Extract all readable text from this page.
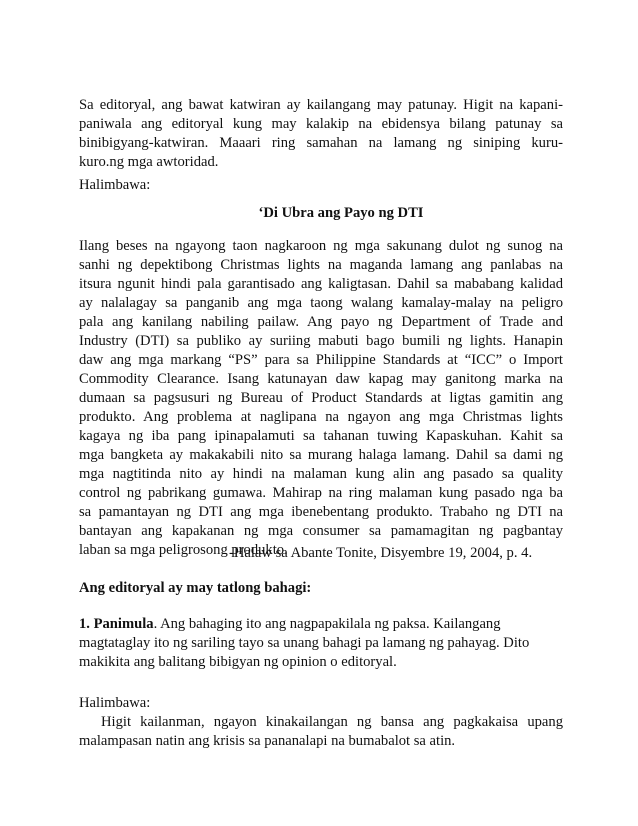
Sa editoryal, ang bawat katwiran ay kailangang may patunay. Higit na kapani-
paniwala ang editoryal kung may kalakip na ebidensya bilang patunay sa
binibigyang-katwiran. Maaari ring samahan na lamang ng siniping kuru-
kuro.ng mga awtoridad.
Halimbawa:
‘Di Ubra ang Payo ng DTI
Ilang beses na ngayong taon nagkaroon ng mga sakunang dulot ng sunog na
sanhi ng depektibong Christmas lights na maganda lamang ang panlabas na
itsura ngunit hindi pala garantisado ang kaligtasan. Dahil sa mababang kalidad
ay nalalagay sa panganib ang mga taong walang kamalay-malay na peligro
pala ang kanilang nabiling pailaw. Ang payo ng Department of Trade and
Industry (DTI) sa publiko ay suriing mabuti bago bumili ng lights. Hanapin
daw ang mga markang “PS” para sa Philippine Standards at “ICC” o Import
Commodity Clearance. Isang katunayan daw kapag may ganitong marka na
dumaan sa pagsusuri ng Bureau of Product Standards at ligtas gamitin ang
produkto. Ang problema at naglipana na ngayon ang mga Christmas lights
kagaya ng iba pang ipinapalamuti sa tahanan tuwing Kapaskuhan. Kahit sa
mga bangketa ay makakabili nito sa murang halaga lamang. Dahil sa dami ng
mga nagtitinda nito ay hindi na malaman kung alin ang pasado sa quality
control ng pabrikang gumawa. Mahirap na ring malaman kung pasado nga ba
sa pamantayan ng DTI ang mga ibenebentang produkto. Trabaho ng DTI na
bantayan ang kapakanan ng mga consumer sa pamamagitan ng pagbantay
laban sa mga peligrosong produkto.
-Halaw sa Abante Tonite, Disyembre 19, 2004, p. 4.
Ang editoryal ay may tatlong bahagi:
1. Panimula. Ang bahaging ito ang nagpapakilala ng paksa. Kailangang
magtataglay ito ng sariling tayo sa unang bahagi pa lamang ng pahayag. Dito
makikita ang balitang bibigyan ng opinion o editoryal.
Halimbawa:
Higit kailanman, ngayon kinakailangan ng bansa ang pagkakaisa upang
malampasan natin ang krisis sa pananalapi na bumabalot sa atin.
